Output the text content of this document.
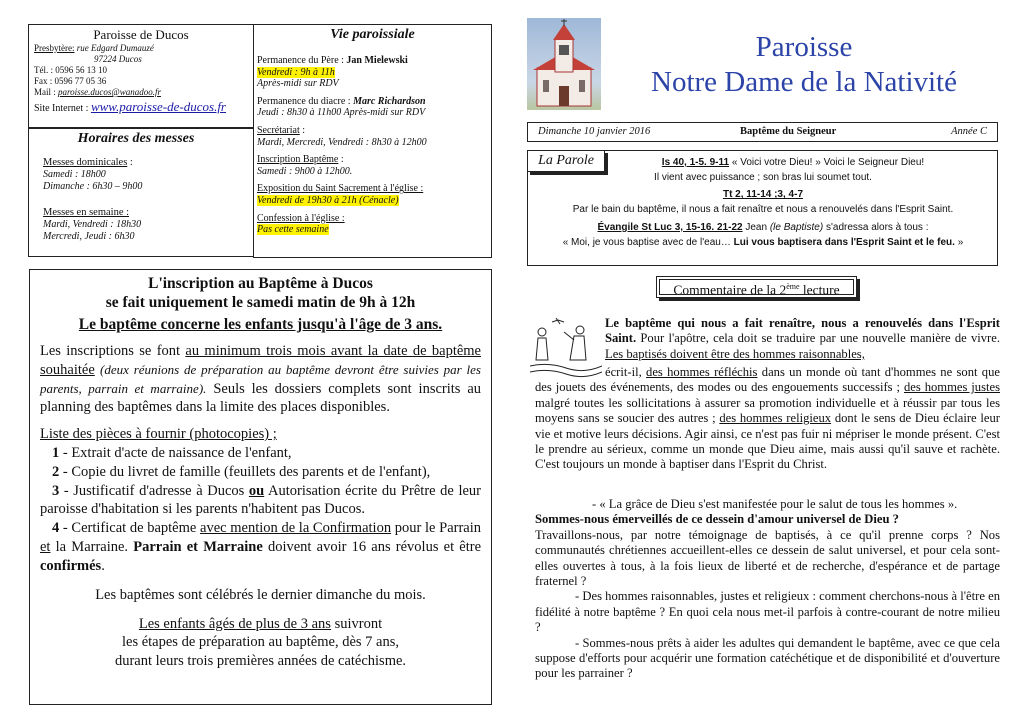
Paroisse de Ducos
Presbytère: rue Edgard Dumauzé
97224 Ducos
Tél. : 0596 56 13 10
Fax : 0596 77 05 36
Mail : paroisse.ducos@wanadoo.fr
Site Internet : www.paroisse-de-ducos.fr
Horaires des messes
Messes dominicales :
Samedi : 18h00
Dimanche : 6h30 – 9h00
Messes en semaine :
Mardi, Vendredi : 18h30
Mercredi, Jeudi : 6h30
Vie paroissiale
Permanence du Père : Jan Mielewski
Vendredi : 9h à 11h
Après-midi sur RDV
Permanence du diacre : Marc Richardson
Jeudi : 8h30 à 11h00 Après-midi sur RDV
Secrétariat :
Mardi, Mercredi, Vendredi : 8h30 à 12h00
Inscription Baptême :
Samedi : 9h00 à 12h00.
Exposition du Saint Sacrement à l'église :
Vendredi de 19h30 à 21h (Cénacle)
Confession à l'église :
Pas cette semaine
Paroisse
Notre Dame de la Nativité
Dimanche 10 janvier 2016	Baptême du Seigneur	Année C
La Parole	Is 40, 1-5. 9-11 « Voici votre Dieu! » Voici le Seigneur Dieu!
Il vient avec puissance ; son bras lui soumet tout.
Tt 2, 11-14 ;3, 4-7
Par le bain du baptême, il nous a fait renaître et nous a renouvelés dans l'Esprit Saint.
Évangile St Luc 3, 15-16. 21-22 Jean (le Baptiste) s'adressa alors à tous :
« Moi, je vous baptise avec de l'eau… Lui vous baptisera dans l'Esprit Saint et le feu. »
L'inscription au Baptême à Ducos
se fait uniquement le samedi matin de 9h à 12h
Le baptême concerne les enfants jusqu'à l'âge de 3 ans.
Les inscriptions se font au minimum trois mois avant la date de baptême souhaitée (deux réunions de préparation au baptême devront être suivies par les parents, parrain et marraine). Seuls les dossiers complets sont inscrits au planning des baptêmes dans la limite des places disponibles.
Liste des pièces à fournir (photocopies) ;
1 - Extrait d'acte de naissance de l'enfant,
2 - Copie du livret de famille (feuillets des parents et de l'enfant),
3 - Justificatif d'adresse à Ducos ou Autorisation écrite du Prêtre de leur paroisse d'habitation si les parents n'habitent pas Ducos.
4 - Certificat de baptême avec mention de la Confirmation pour le Parrain et la Marraine. Parrain et Marraine doivent avoir 16 ans révolus et être confirmés.
Les baptêmes sont célébrés le dernier dimanche du mois.
Les enfants âgés de plus de 3 ans suivront
les étapes de préparation au baptême, dès 7 ans,
durant leurs trois premières années de catéchisme.
Commentaire de la 2ème lecture
Le baptême qui nous a fait renaître, nous a renouvelés dans l'Esprit Saint. Pour l'apôtre, cela doit se traduire par une nouvelle manière de vivre. Les baptisés doivent être des hommes raisonnables,
écrit-il, des hommes réfléchis dans un monde où tant d'hommes ne sont que des jouets des événements, des modes ou des engouements successifs ; des hommes justes malgré toutes les sollicitations à assurer sa promotion individuelle et à réussir par tous les moyens sans se soucier des autres ; des hommes religieux dont le sens de Dieu éclaire leur vie et motive leurs décisions. Agir ainsi, ce n'est pas fuir ni mépriser le monde présent. C'est le prendre au sérieux, comme un monde que Dieu aime, mais aussi qu'il sauve et rachète. C'est toujours un monde à baptiser dans l'Esprit du Christ.
- « La grâce de Dieu s'est manifestée pour le salut de tous les hommes ».
Sommes-nous émerveillés de ce dessein d'amour universel de Dieu ?
Travaillons-nous, par notre témoignage de baptisés, à ce qu'il prenne corps ? Nos communautés chrétiennes accueillent-elles ce dessein de salut universel, et pour cela sont-elles ouvertes à tous, à la fois lieux de liberté et de recherche, d'espérance et de partage fraternel ?
- Des hommes raisonnables, justes et religieux : comment cherchons-nous à l'être en fidélité à notre baptême ? En quoi cela nous met-il parfois à contre-courant de notre milieu ?
- Sommes-nous prêts à aider les adultes qui demandent le baptême, avec ce que cela suppose d'efforts pour acquérir une formation catéchétique et de disponibilité et d'ouverture pour les parrainer ?
